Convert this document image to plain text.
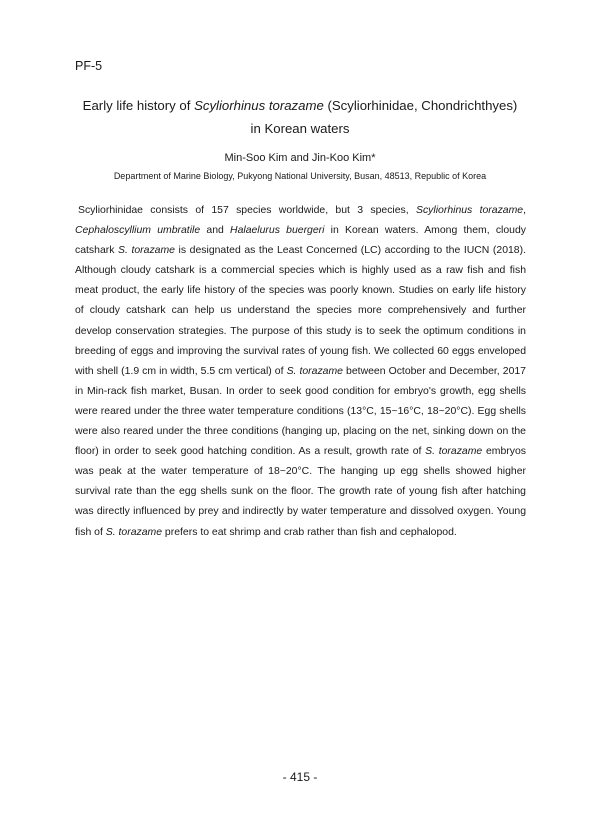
PF-5
Early life history of Scyliorhinus torazame (Scyliorhinidae, Chondrichthyes)
in Korean waters
Min-Soo Kim and Jin-Koo Kim*
Department of Marine Biology, Pukyong National University, Busan, 48513, Republic of Korea

Scyliorhinidae consists of 157 species worldwide, but 3 species, Scyliorhinus torazame, Cephaloscyllium umbratile and Halaelurus buergeri in Korean waters. Among them, cloudy catshark S. torazame is designated as the Least Concerned (LC) according to the IUCN (2018). Although cloudy catshark is a commercial species which is highly used as a raw fish and fish meat product, the early life history of the species was poorly known. Studies on early life history of cloudy catshark can help us understand the species more comprehensively and further develop conservation strategies. The purpose of this study is to seek the optimum conditions in breeding of eggs and improving the survival rates of young fish. We collected 60 eggs enveloped with shell (1.9 cm in width, 5.5 cm vertical) of S. torazame between October and December, 2017 in Min-rack fish market, Busan. In order to seek good condition for embryo's growth, egg shells were reared under the three water temperature conditions (13°C, 15~16°C, 18~20°C). Egg shells were also reared under the three conditions (hanging up, placing on the net, sinking down on the floor) in order to seek good hatching condition. As a result, growth rate of S. torazame embryos was peak at the water temperature of 18~20°C. The hanging up egg shells showed higher survival rate than the egg shells sunk on the floor. The growth rate of young fish after hatching was directly influenced by prey and indirectly by water temperature and dissolved oxygen. Young fish of S. torazame prefers to eat shrimp and crab rather than fish and cephalopod.

- 415 -
